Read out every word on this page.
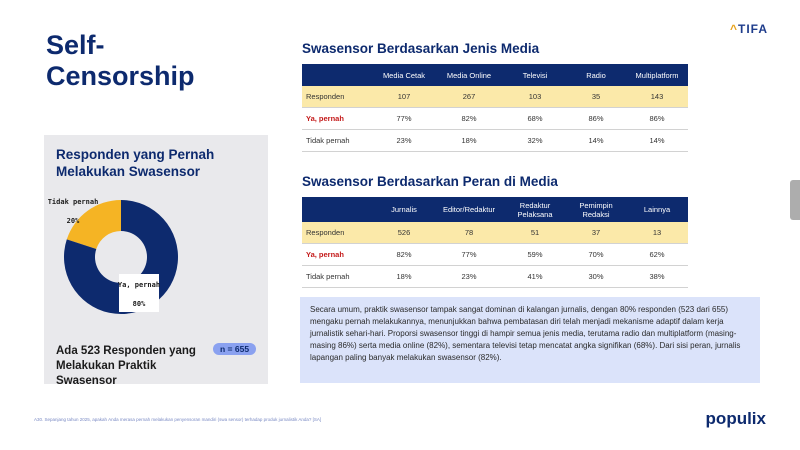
Self-
Censorship
^TIFA
Responden yang Pernah Melakukan Swasensor
Tidak pernah
20%
Ya, pernah
80%
Ada 523 Responden yang Melakukan Praktik Swasensor
n = 655
Swasensor Berdasarkan Jenis Media
	Media Cetak	Media Online	Televisi	Radio	Multiplatform
Responden	107	267	103	35	143
Ya, pernah	77%	82%	68%	86%	86%
Tidak pernah	23%	18%	32%	14%	14%
Swasensor Berdasarkan Peran di Media
	Jurnalis	Editor/Redaktur	Redaktur Pelaksana	Pemimpin Redaksi	Lainnya
Responden	526	78	51	37	13
Ya, pernah	82%	77%	59%	70%	62%
Tidak pernah	18%	23%	41%	30%	38%
Secara umum, praktik swasensor tampak sangat dominan di kalangan jurnalis, dengan 80% responden (523 dari 655) mengaku pernah melakukannya, menunjukkan bahwa pembatasan diri telah menjadi mekanisme adaptif dalam kerja jurnalistik sehari-hari. Proporsi swasensor tinggi di hampir semua jenis media, terutama radio dan multiplatform (masing-masing 86%) serta media online (82%), sementara televisi tetap mencatat angka signifikan (68%). Dari sisi peran, jurnalis lapangan paling banyak melakukan swasensor (82%).
A30. Sepanjang tahun 2025, apakah Anda merasa pernah melakukan penyensoran mandiri (swa sensor) terhadap produk jurnalistik Anda? [SA]	populix
